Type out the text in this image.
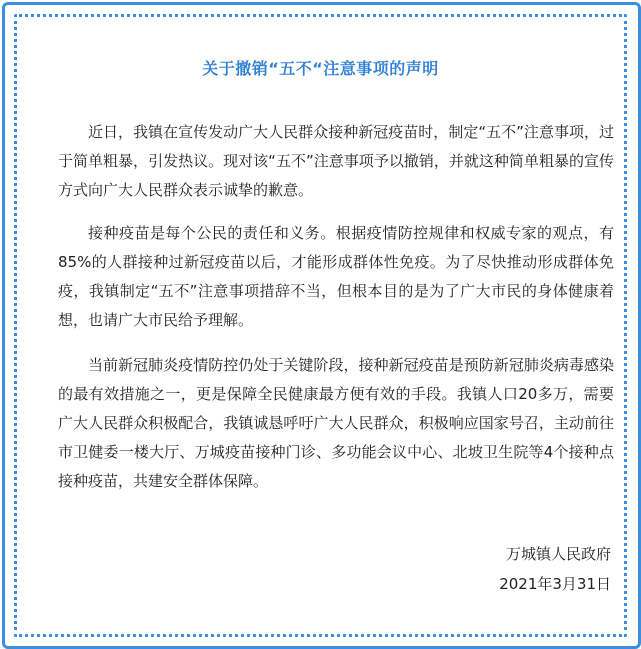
关于撤销“五不“注意事项的声明

近日，我镇在宣传发动广大人民群众接种新冠疫苗时，制定“五不”注意事项，过于简单粗暴，引发热议。现对该“五不”注意事项予以撤销，并就这种简单粗暴的宣传方式向广大人民群众表示诚挚的歉意。

接种疫苗是每个公民的责任和义务。根据疫情防控规律和权威专家的观点，有85%的人群接种过新冠疫苗以后，才能形成群体性免疫。为了尽快推动形成群体免疫，我镇制定“五不”注意事项措辞不当，但根本目的是为了广大市民的身体健康着想，也请广大市民给予理解。

当前新冠肺炎疫情防控仍处于关键阶段，接种新冠疫苗是预防新冠肺炎病毒感染的最有效措施之一，更是保障全民健康最方便有效的手段。我镇人口20多万，需要广大人民群众积极配合，我镇诚恳呼吁广大人民群众，积极响应国家号召，主动前往市卫健委一楼大厅、万城疫苗接种门诊、多功能会议中心、北坡卫生院等4个接种点接种疫苗，共建安全群体保障。

万城镇人民政府
2021年3月31日
